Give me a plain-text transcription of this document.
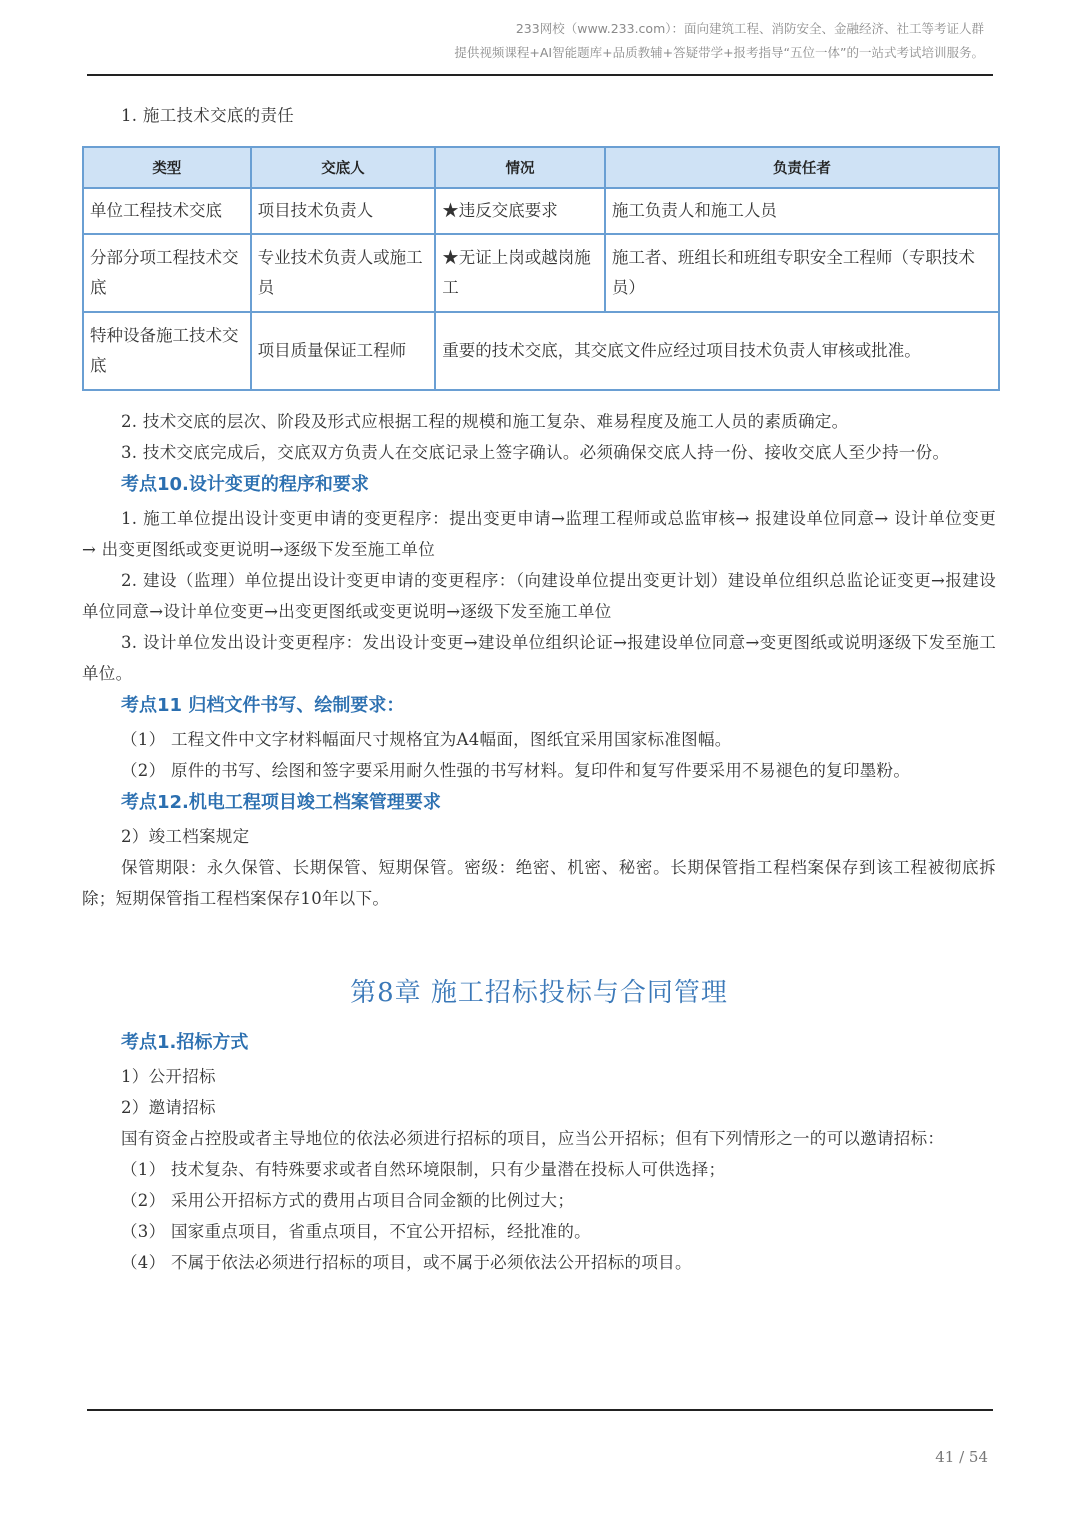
233网校（www.233.com）：面向建筑工程、消防安全、金融经济、社工等考证人群
提供视频课程+AI智能题库+品质教辅+答疑带学+报考指导“五位一体”的一站式考试培训服务。

1. 施工技术交底的责任

类型	交底人	情况	负责任者
单位工程技术交底	项目技术负责人	★违反交底要求	施工负责人和施工人员
分部分项工程技术交底	专业技术负责人或施工员	★无证上岗或越岗施工	施工者、班组长和班组专职安全工程师（专职技术员）
特种设备施工技术交底	项目质量保证工程师	重要的技术交底，其交底文件应经过项目技术负责人审核或批准。	

2. 技术交底的层次、阶段及形式应根据工程的规模和施工复杂、难易程度及施工人员的素质确定。

3. 技术交底完成后，交底双方负责人在交底记录上签字确认。必须确保交底人持一份、接收交底人至少持一份。

考点10.设计变更的程序和要求

1. 施工单位提出设计变更申请的变更程序：提出变更申请→监理工程师或总监审核→ 报建设单位同意→ 设计单位变更→ 出变更图纸或变更说明→逐级下发至施工单位

2. 建设（监理）单位提出设计变更申请的变更程序：（向建设单位提出变更计划）建设单位组织总监论证变更→报建设单位同意→设计单位变更→出变更图纸或变更说明→逐级下发至施工单位

3. 设计单位发出设计变更程序：发出设计变更→建设单位组织论证→报建设单位同意→变更图纸或说明逐级下发至施工单位。

考点11 归档文件书写、绘制要求：

（1） 工程文件中文字材料幅面尺寸规格宜为A4幅面，图纸宜采用国家标准图幅。

（2） 原件的书写、绘图和签字要采用耐久性强的书写材料。复印件和复写件要采用不易褪色的复印墨粉。

考点12.机电工程项目竣工档案管理要求

2）竣工档案规定

保管期限：永久保管、长期保管、短期保管。密级：绝密、机密、秘密。长期保管指工程档案保存到该工程被彻底拆除；短期保管指工程档案保存10年以下。

第8章 施工招标投标与合同管理
考点1.招标方式

1）公开招标

2）邀请招标

国有资金占控股或者主导地位的依法必须进行招标的项目，应当公开招标；但有下列情形之一的可以邀请招标：

（1） 技术复杂、有特殊要求或者自然环境限制，只有少量潜在投标人可供选择；

（2） 采用公开招标方式的费用占项目合同金额的比例过大；

（3） 国家重点项目，省重点项目，不宜公开招标，经批准的。

（4） 不属于依法必须进行招标的项目，或不属于必须依法公开招标的项目。

41 / 54
